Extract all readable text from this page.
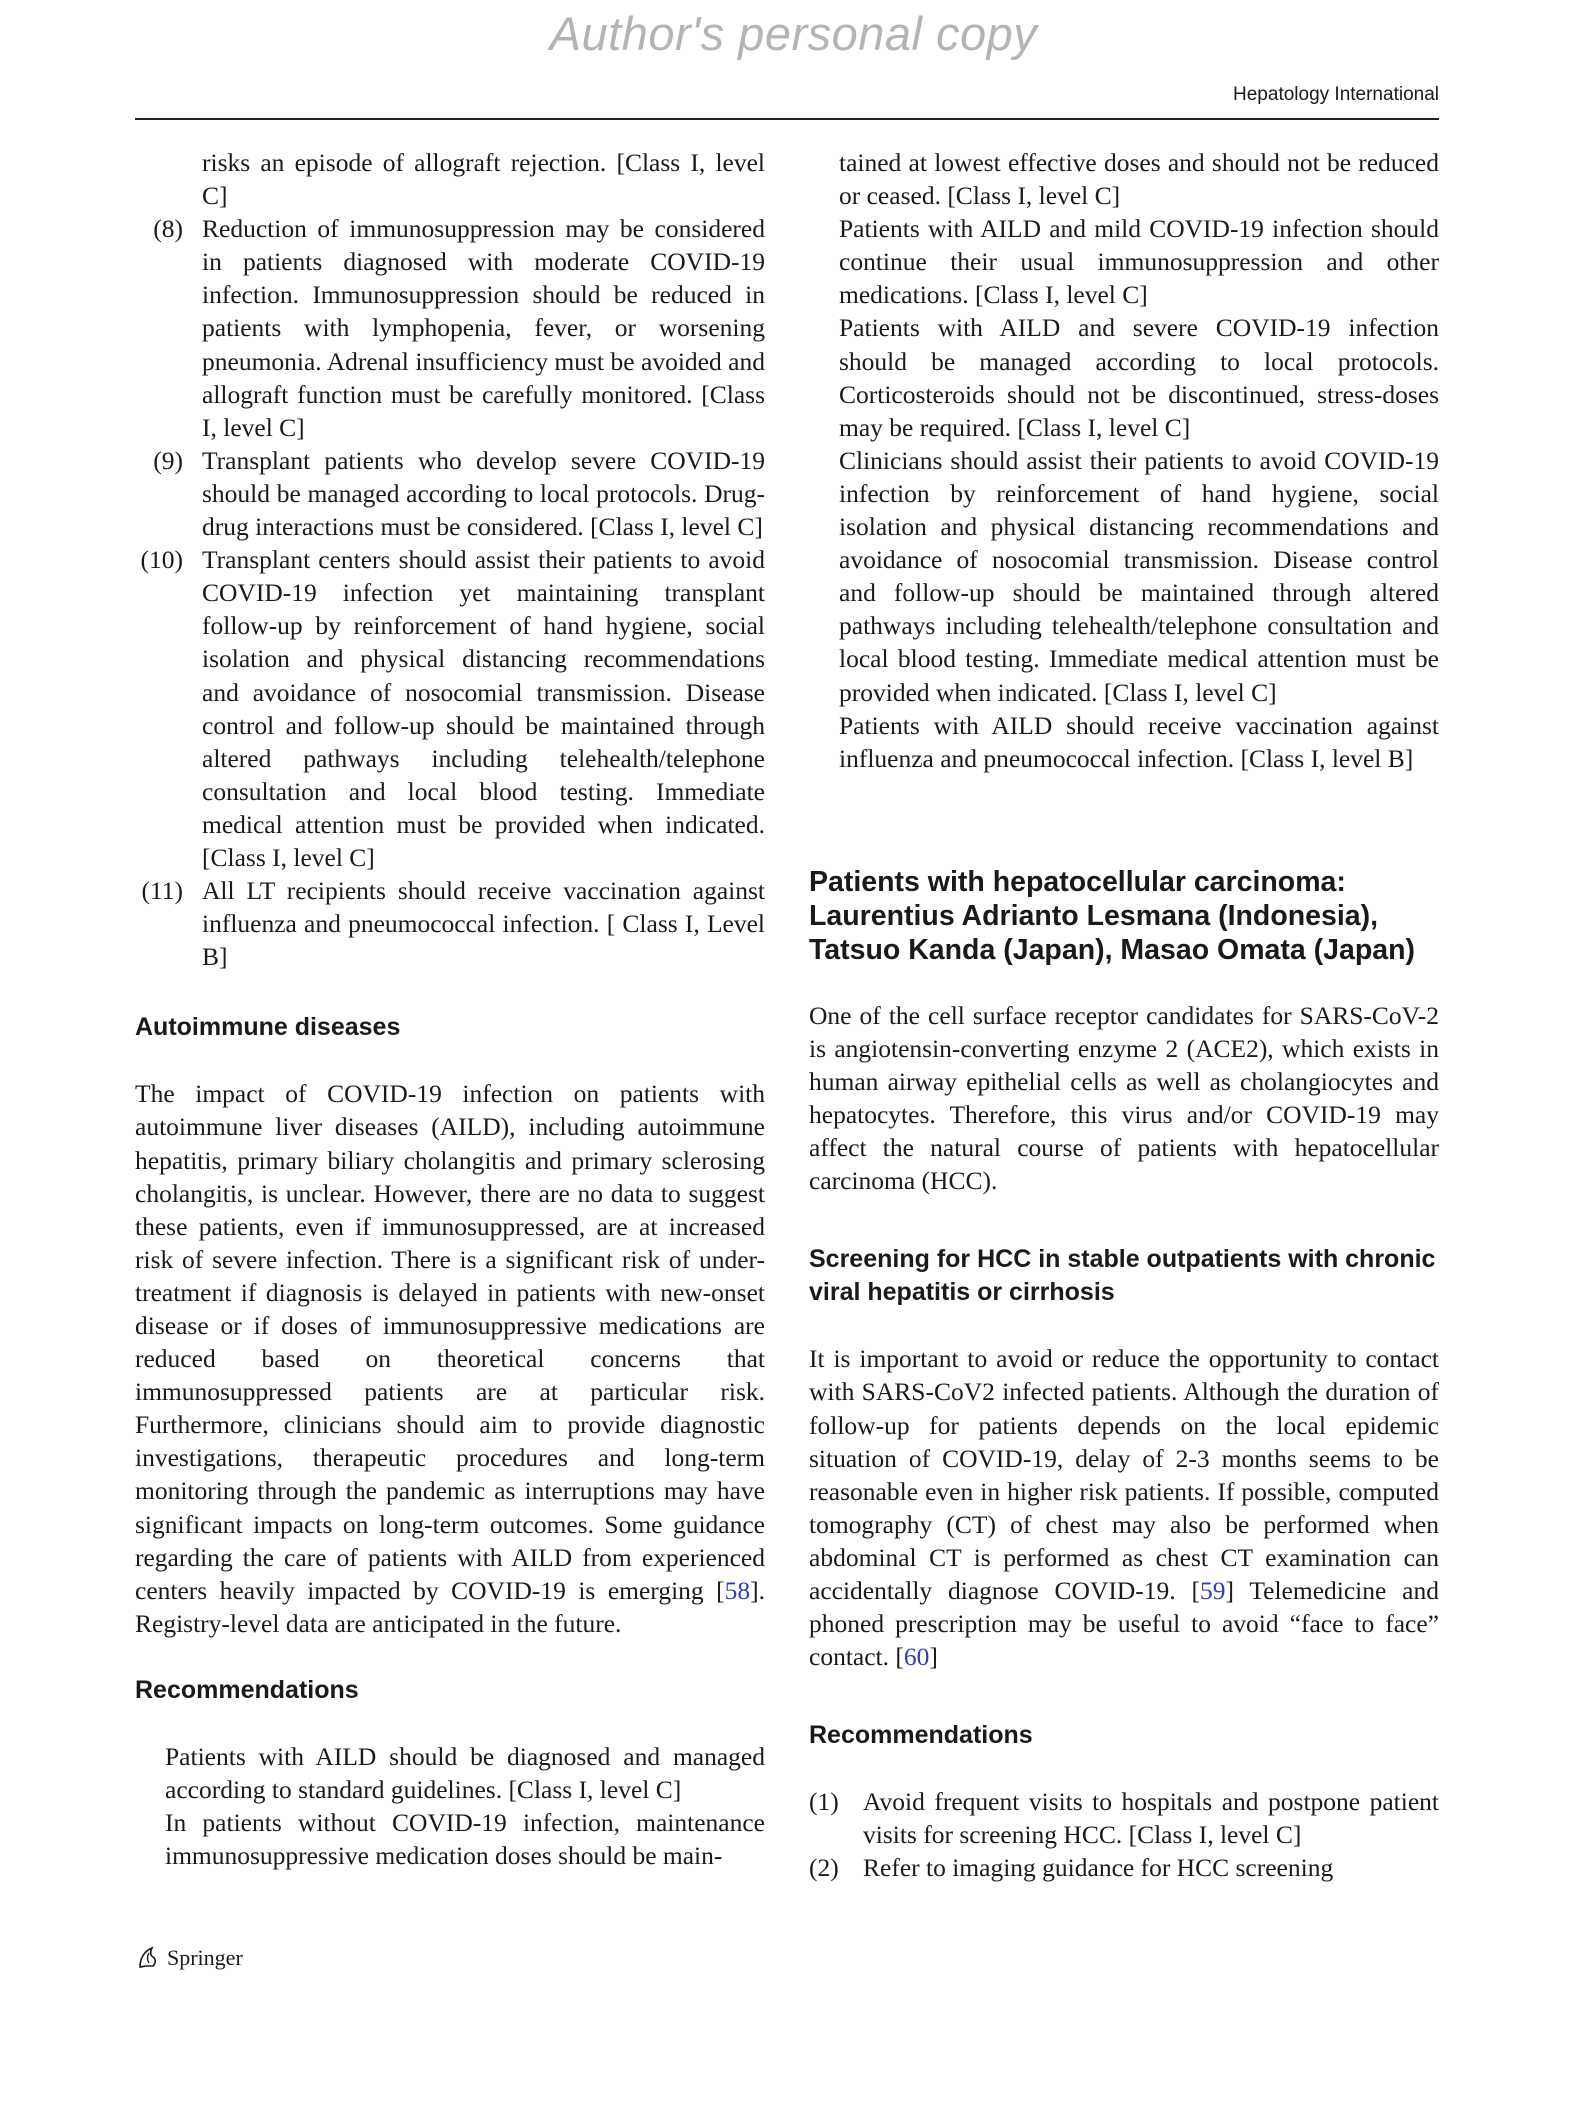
Author's personal copy
Hepatology International
risks an episode of allograft rejection. [Class I, level C]
(8) Reduction of immunosuppression may be considered in patients diagnosed with moderate COVID-19 infection. Immunosuppression should be reduced in patients with lymphopenia, fever, or worsening pneumonia. Adrenal insufficiency must be avoided and allograft function must be carefully monitored. [Class I, level C]
(9) Transplant patients who develop severe COVID-19 should be managed according to local protocols. Drug-drug interactions must be considered. [Class I, level C]
(10) Transplant centers should assist their patients to avoid COVID-19 infection yet maintaining transplant follow-up by reinforcement of hand hygiene, social isolation and physical distancing recommendations and avoidance of nosocomial transmission. Disease control and follow-up should be maintained through altered pathways including telehealth/telephone consultation and local blood testing. Immediate medical attention must be provided when indicated. [Class I, level C]
(11) All LT recipients should receive vaccination against influenza and pneumococcal infection. [ Class I, Level B]
Autoimmune diseases

The impact of COVID-19 infection on patients with autoimmune liver diseases (AILD), including autoimmune hepatitis, primary biliary cholangitis and primary sclerosing cholangitis, is unclear. However, there are no data to suggest these patients, even if immunosuppressed, are at increased risk of severe infection. There is a significant risk of under-treatment if diagnosis is delayed in patients with new-onset disease or if doses of immunosuppressive medications are reduced based on theoretical concerns that immunosuppressed patients are at particular risk. Furthermore, clinicians should aim to provide diagnostic investigations, therapeutic procedures and long-term monitoring through the pandemic as interruptions may have significant impacts on long-term outcomes. Some guidance regarding the care of patients with AILD from experienced centers heavily impacted by COVID-19 is emerging [58]. Registry-level data are anticipated in the future.

Recommendations
Patients with AILD should be diagnosed and managed according to standard guidelines. [Class I, level C]
In patients without COVID-19 infection, maintenance immunosuppressive medication doses should be main-
tained at lowest effective doses and should not be reduced or ceased. [Class I, level C]
Patients with AILD and mild COVID-19 infection should continue their usual immunosuppression and other medications. [Class I, level C]
Patients with AILD and severe COVID-19 infection should be managed according to local protocols. Corticosteroids should not be discontinued, stress-doses may be required. [Class I, level C]
Clinicians should assist their patients to avoid COVID-19 infection by reinforcement of hand hygiene, social isolation and physical distancing recommendations and avoidance of nosocomial transmission. Disease control and follow-up should be maintained through altered pathways including telehealth/telephone consultation and local blood testing. Immediate medical attention must be provided when indicated. [Class I, level C]
Patients with AILD should receive vaccination against influenza and pneumococcal infection. [Class I, level B]
Patients with hepatocellular carcinoma: Laurentius Adrianto Lesmana (Indonesia), Tatsuo Kanda (Japan), Masao Omata (Japan)

One of the cell surface receptor candidates for SARS-CoV-2 is angiotensin-converting enzyme 2 (ACE2), which exists in human airway epithelial cells as well as cholangiocytes and hepatocytes. Therefore, this virus and/or COVID-19 may affect the natural course of patients with hepatocellular carcinoma (HCC).

Screening for HCC in stable outpatients with chronic viral hepatitis or cirrhosis

It is important to avoid or reduce the opportunity to contact with SARS-CoV2 infected patients. Although the duration of follow-up for patients depends on the local epidemic situation of COVID-19, delay of 2-3 months seems to be reasonable even in higher risk patients. If possible, computed tomography (CT) of chest may also be performed when abdominal CT is performed as chest CT examination can accidentally diagnose COVID-19. [59] Telemedicine and phoned prescription may be useful to avoid “face to face” contact. [60]

Recommendations
(1) Avoid frequent visits to hospitals and postpone patient visits for screening HCC. [Class I, level C]
(2) Refer to imaging guidance for HCC screening
Springer
